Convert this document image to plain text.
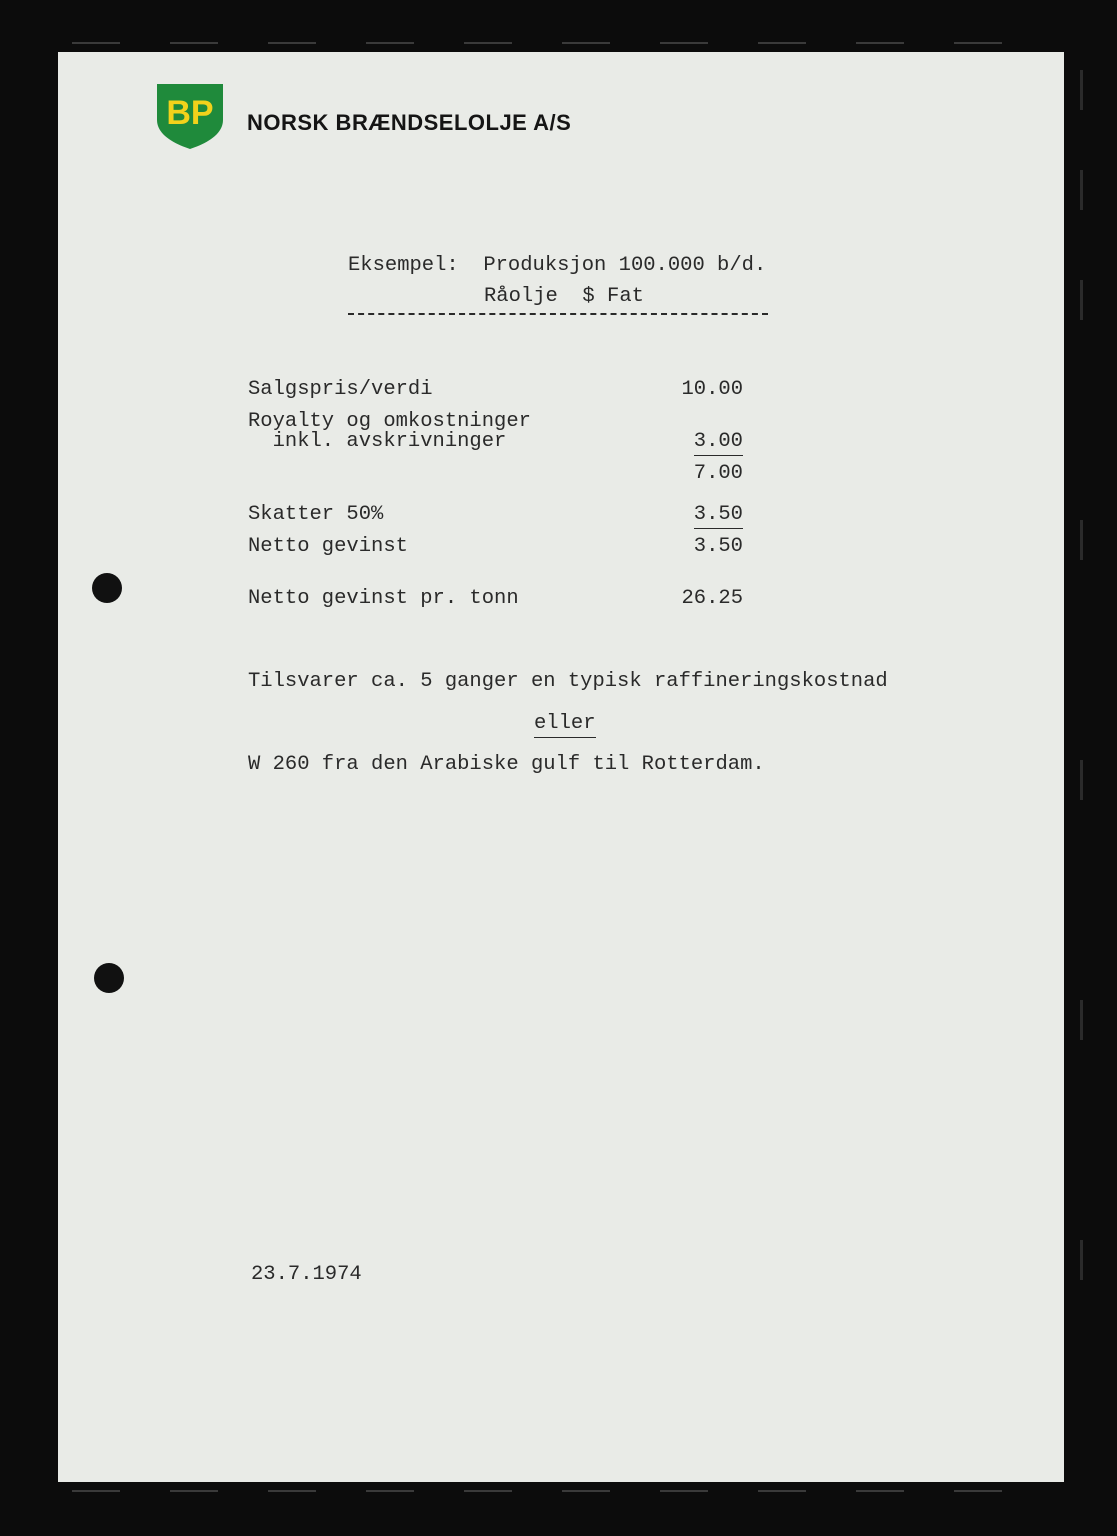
BP NORSK BRÆNDSELOLJE A/S
Eksempel:  Produksjon 100.000 b/d.
Råolje  $ Fat
Salgspris/verdi	10.00
Royalty og omkostninger
inkl. avskrivninger	3.00
7.00
Skatter 50%	3.50
Netto gevinst	3.50
Netto gevinst pr. tonn	26.25
Tilsvarer ca. 5 ganger en typisk raffineringskostnad
eller
W 260 fra den Arabiske gulf til Rotterdam.
23.7.1974
